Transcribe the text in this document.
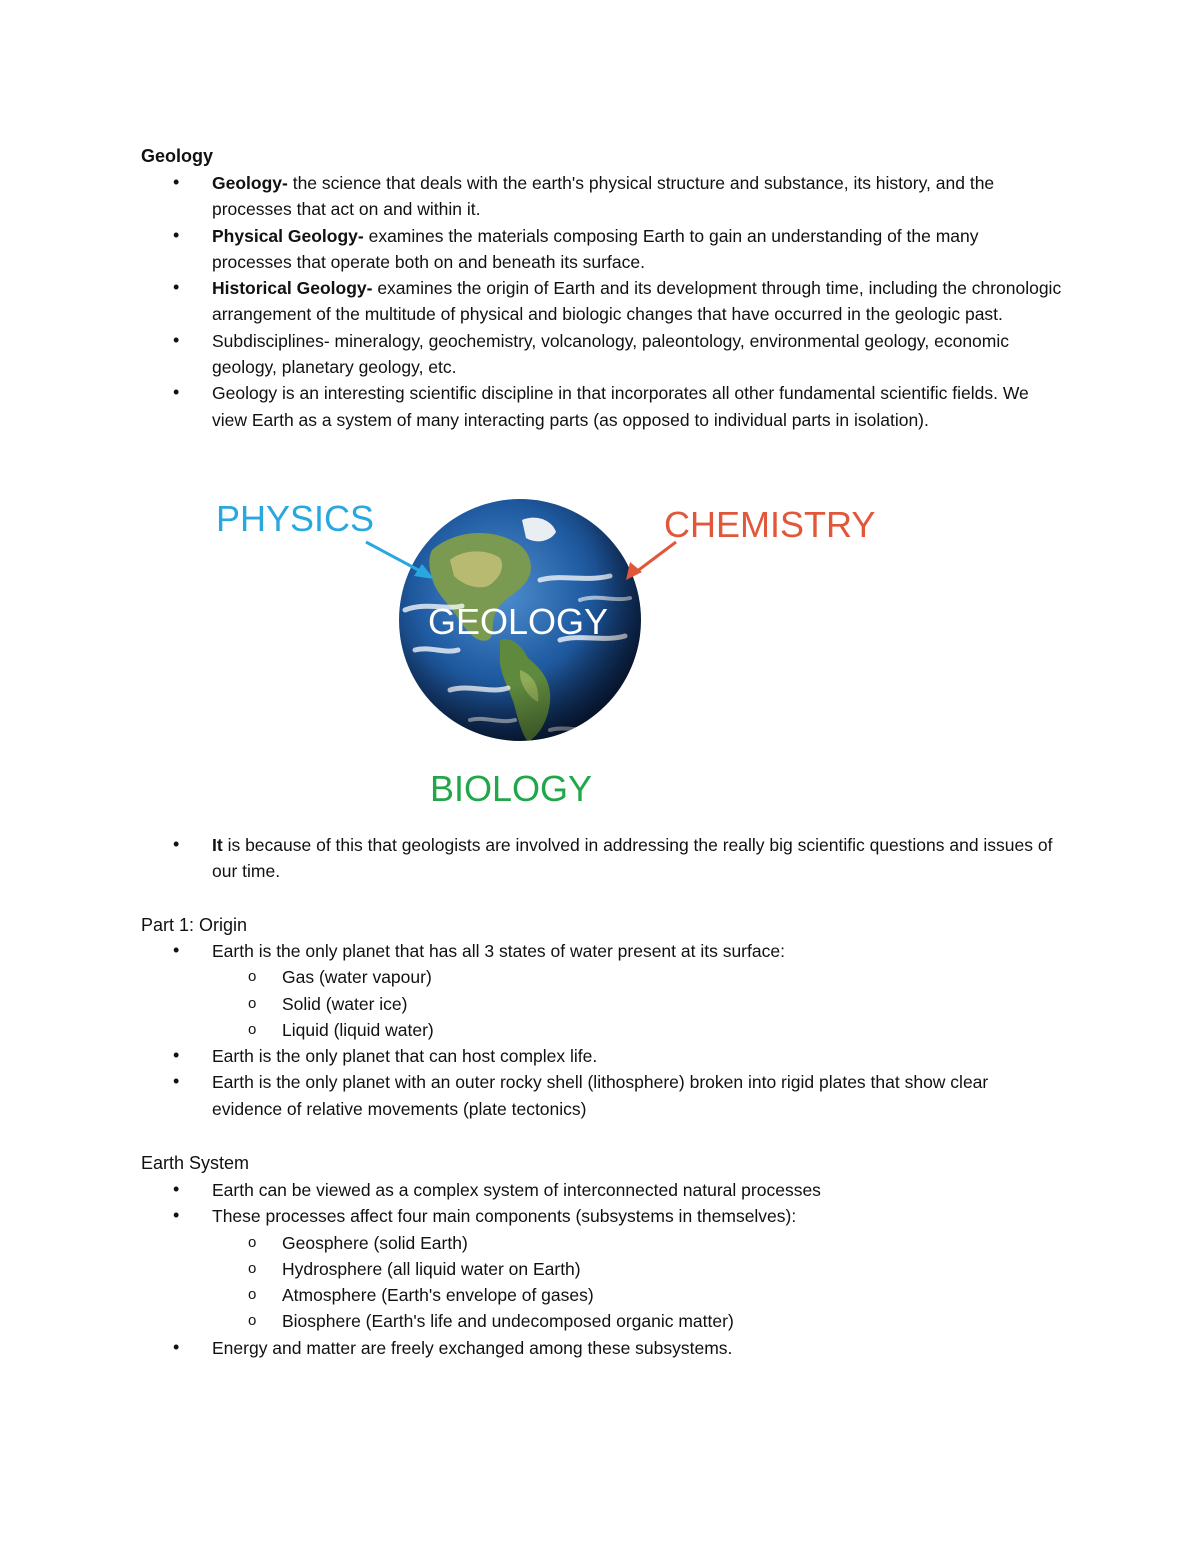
Geology
• Geology- the science that deals with the earth's physical structure and substance, its history, and the processes that act on and within it.
• Physical Geology- examines the materials composing Earth to gain an understanding of the many processes that operate both on and beneath its surface.
• Historical Geology- examines the origin of Earth and its development through time, including the chronologic arrangement of the multitude of physical and biologic changes that have occurred in the geologic past.
• Subdisciplines- mineralogy, geochemistry, volcanology, paleontology, environmental geology, economic geology, planetary geology, etc.
• Geology is an interesting scientific discipline in that incorporates all other fundamental scientific fields. We view Earth as a system of many interacting parts (as opposed to individual parts in isolation).
PHYSICS	CHEMISTRY
GEOLOGY
BIOLOGY
• It is because of this that geologists are involved in addressing the really big scientific questions and issues of our time.
Part 1: Origin
• Earth is the only planet that has all 3 states of water present at its surface:
o Gas (water vapour)
o Solid (water ice)
o Liquid (liquid water)
• Earth is the only planet that can host complex life.
• Earth is the only planet with an outer rocky shell (lithosphere) broken into rigid plates that show clear evidence of relative movements (plate tectonics)
Earth System
• Earth can be viewed as a complex system of interconnected natural processes
• These processes affect four main components (subsystems in themselves):
o Geosphere (solid Earth)
o Hydrosphere (all liquid water on Earth)
o Atmosphere (Earth's envelope of gases)
o Biosphere (Earth's life and undecomposed organic matter)
• Energy and matter are freely exchanged among these subsystems.
